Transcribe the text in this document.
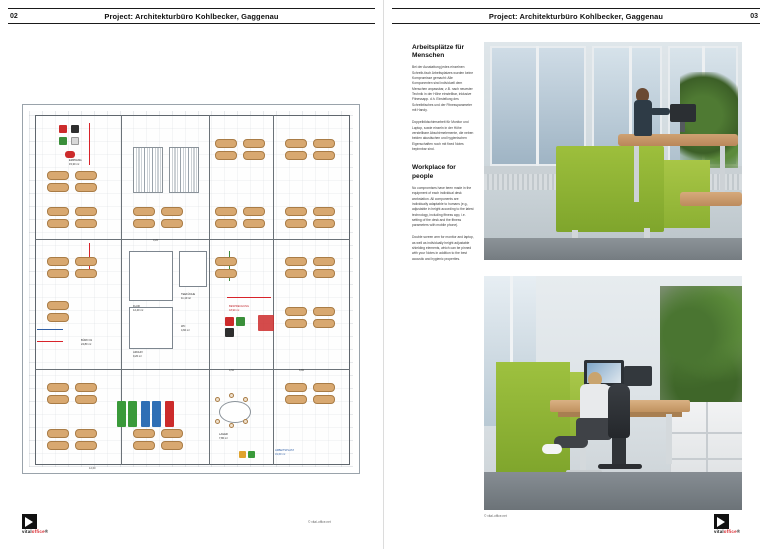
02	Project: Architekturbüro Kohlbecker, Gaggenau
BÜRO 01
24,80 m²
BESPRECHUNG
18,90 m²
ARBEITSPLATZ
31,60 m²
FLUR
12,40 m²
ARCHIV
9,20 m²
TEEKÜCHE
11,10 m²
WC
4,60 m²
LAGER
7,80 m²
EMPFANG
15,30 m²
4,50
3,20
6,80
12,60
© vital-office.net
vitaloffice®
Project: Architekturbüro Kohlbecker, Gaggenau	03
Arbeitsplätze für Menschen
Bei der Ausstattung jedes einzelnen Schreib-tisch Arbeitsplatzes wurden keine Kompromisse gemacht: Alle Komponenten sind individuell dem Menschen anpassbar, z.B. nach neuester Technik in der Höhe einstellbar, inklusive Fitnessapp. d.h. Einstellung des Schreibtisches und der Fitnessparameter mit Handy.
Doppelbildschirmarbeit für Monitor und Laptop, sowie einzeln in der Höhe verstellbare Abschirmelemente, die neben beiden akustischen und hygienischen Eigenschaften noch mit fixed Notes bepinnbar sind.
Workplace for people
No compromises have been made in the equipment of each individual desk workstation. All components are individually adaptable to humans (e.g., adjustable in height according to the latest technology, including fitness app, i.e. setting of the desk and the fitness parameters with mobile phone).
Double screen arm for monitor and laptop, as well as individually height adjustable shielding elements, which can be pinned with your Notes in addition to the best acoustic and hygienic properties.
© vital-office.net
vitaloffice®
